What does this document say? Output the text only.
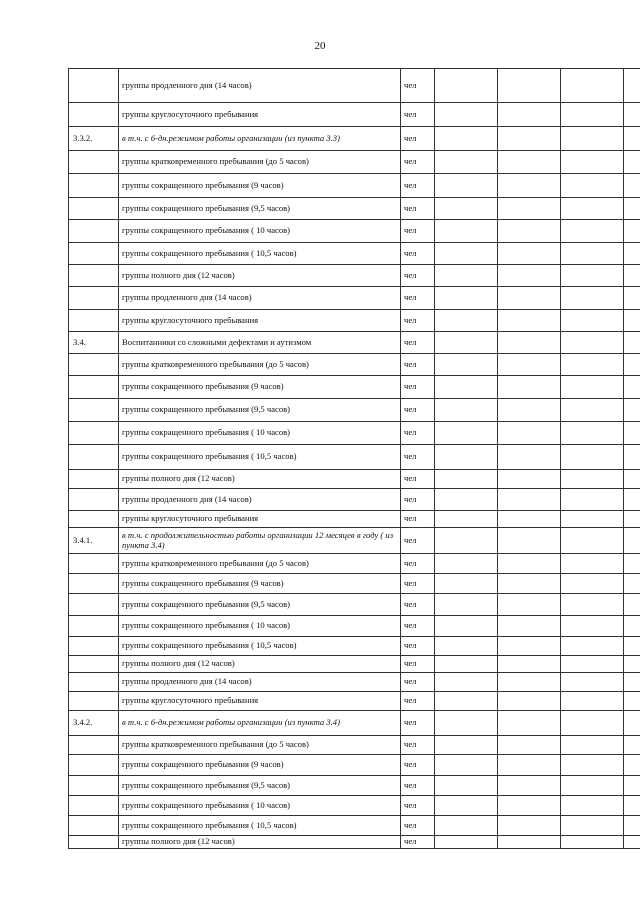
20
	группы продленного дня (14 часов)	чел				
	группы круглосуточного пребывания	чел				
3.3.2.	в т.ч. с 6-дн.режимом работы организации (из пункта 3.3)	чел				
	группы кратковременного пребывания (до 5 часов)	чел				
	группы сокращенного пребывания (9 часов)	чел				
	группы сокращенного пребывания (9,5 часов)	чел				
	группы сокращенного пребывания ( 10 часов)	чел				
	группы сокращенного пребывания ( 10,5 часов)	чел				
	группы полного дня (12 часов)	чел				
	группы продленного дня (14 часов)	чел				
	группы круглосуточного пребывания	чел				
3.4.	Воспитанники со сложными дефектами и аутизмом	чел				
	группы кратковременного пребывания (до 5 часов)	чел				
	группы сокращенного пребывания (9 часов)	чел				
	группы сокращенного пребывания (9,5 часов)	чел				
	группы сокращенного пребывания ( 10 часов)	чел				
	группы сокращенного пребывания ( 10,5 часов)	чел				
	группы полного дня (12 часов)	чел				
	группы продленного дня (14 часов)	чел				
	группы круглосуточного пребывания	чел				
3.4.1.	в т.ч. с продолжительностью работы организации 12 месяцев в году ( из пункта 3.4)	чел				
	группы кратковременного пребывания (до 5 часов)	чел				
	группы сокращенного пребывания (9 часов)	чел				
	группы сокращенного пребывания (9,5 часов)	чел				
	группы сокращенного пребывания ( 10 часов)	чел				
	группы сокращенного пребывания ( 10,5 часов)	чел				
	группы полного дня (12 часов)	чел				
	группы продленного дня (14 часов)	чел				
	группы круглосуточного пребывания	чел				
3.4.2.	в т.ч. с 6-дн.режимом работы организации (из пункта 3.4)	чел				
	группы кратковременного пребывания (до 5 часов)	чел				
	группы сокращенного пребывания (9 часов)	чел				
	группы сокращенного пребывания (9,5 часов)	чел				
	группы сокращенного пребывания ( 10 часов)	чел				
	группы сокращенного пребывания ( 10,5 часов)	чел				
	группы полного дня (12 часов)	чел				
